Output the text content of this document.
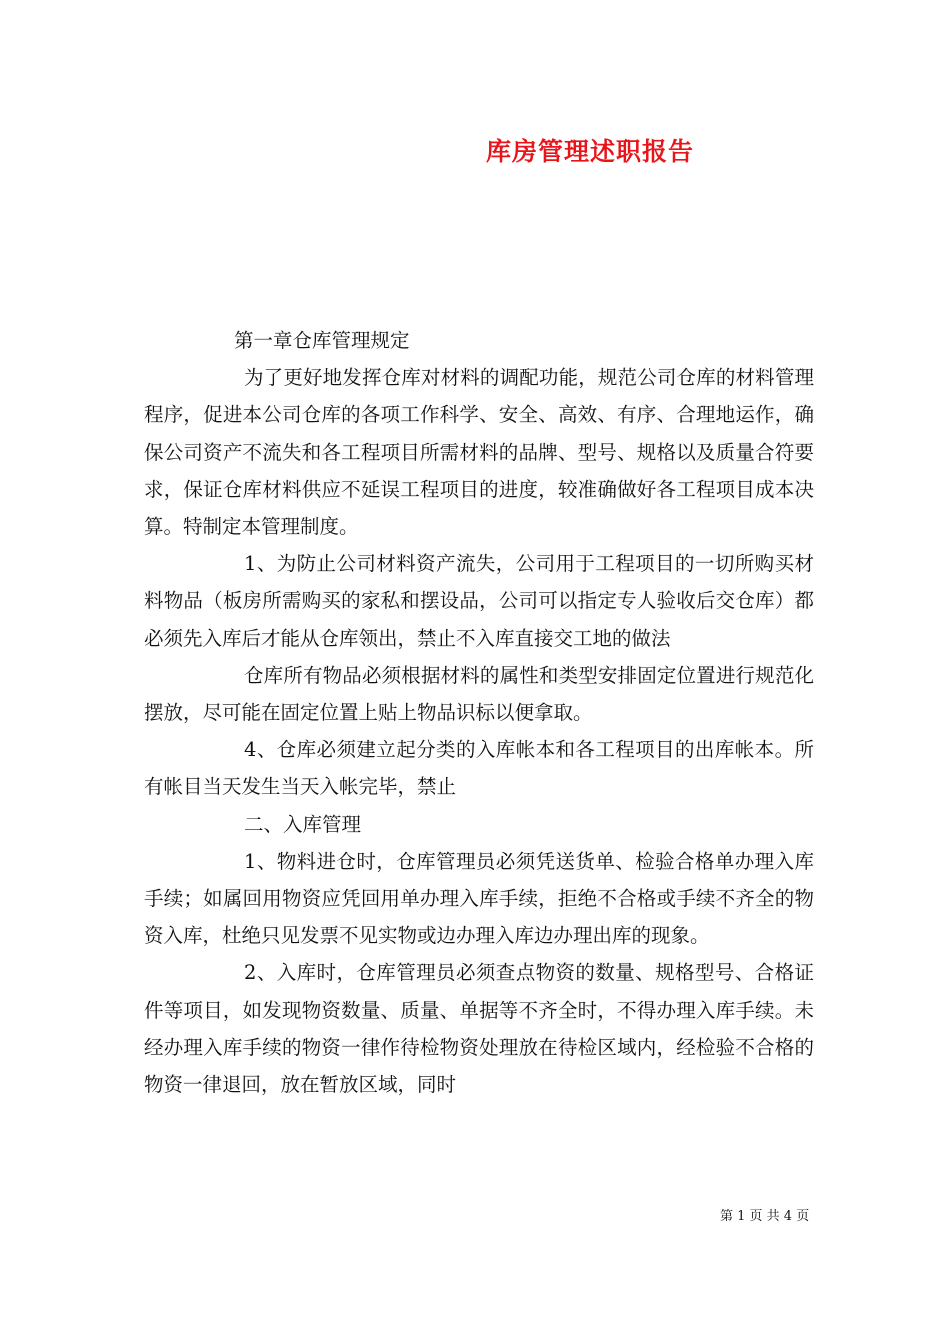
库房管理述职报告

第一章仓库管理规定

为了更好地发挥仓库对材料的调配功能，规范公司仓库的材料管理程序，促进本公司仓库的各项工作科学、安全、高效、有序、合理地运作，确保公司资产不流失和各工程项目所需材料的品牌、型号、规格以及质量合符要求，保证仓库材料供应不延误工程项目的进度，较准确做好各工程项目成本决算。特制定本管理制度。

1、为防止公司材料资产流失，公司用于工程项目的一切所购买材料物品（板房所需购买的家私和摆设品，公司可以指定专人验收后交仓库）都必须先入库后才能从仓库领出，禁止不入库直接交工地的做法

仓库所有物品必须根据材料的属性和类型安排固定位置进行规范化摆放，尽可能在固定位置上贴上物品识标以便拿取。

4、仓库必须建立起分类的入库帐本和各工程项目的出库帐本。所有帐目当天发生当天入帐完毕，禁止

二、入库管理

1、物料进仓时，仓库管理员必须凭送货单、检验合格单办理入库手续；如属回用物资应凭回用单办理入库手续，拒绝不合格或手续不齐全的物资入库，杜绝只见发票不见实物或边办理入库边办理出库的现象。

2、入库时，仓库管理员必须查点物资的数量、规格型号、合格证件等项目，如发现物资数量、质量、单据等不齐全时，不得办理入库手续。未经办理入库手续的物资一律作待检物资处理放在待检区域内，经检验不合格的物资一律退回，放在暂放区域，同时

第 1 页 共 4 页
